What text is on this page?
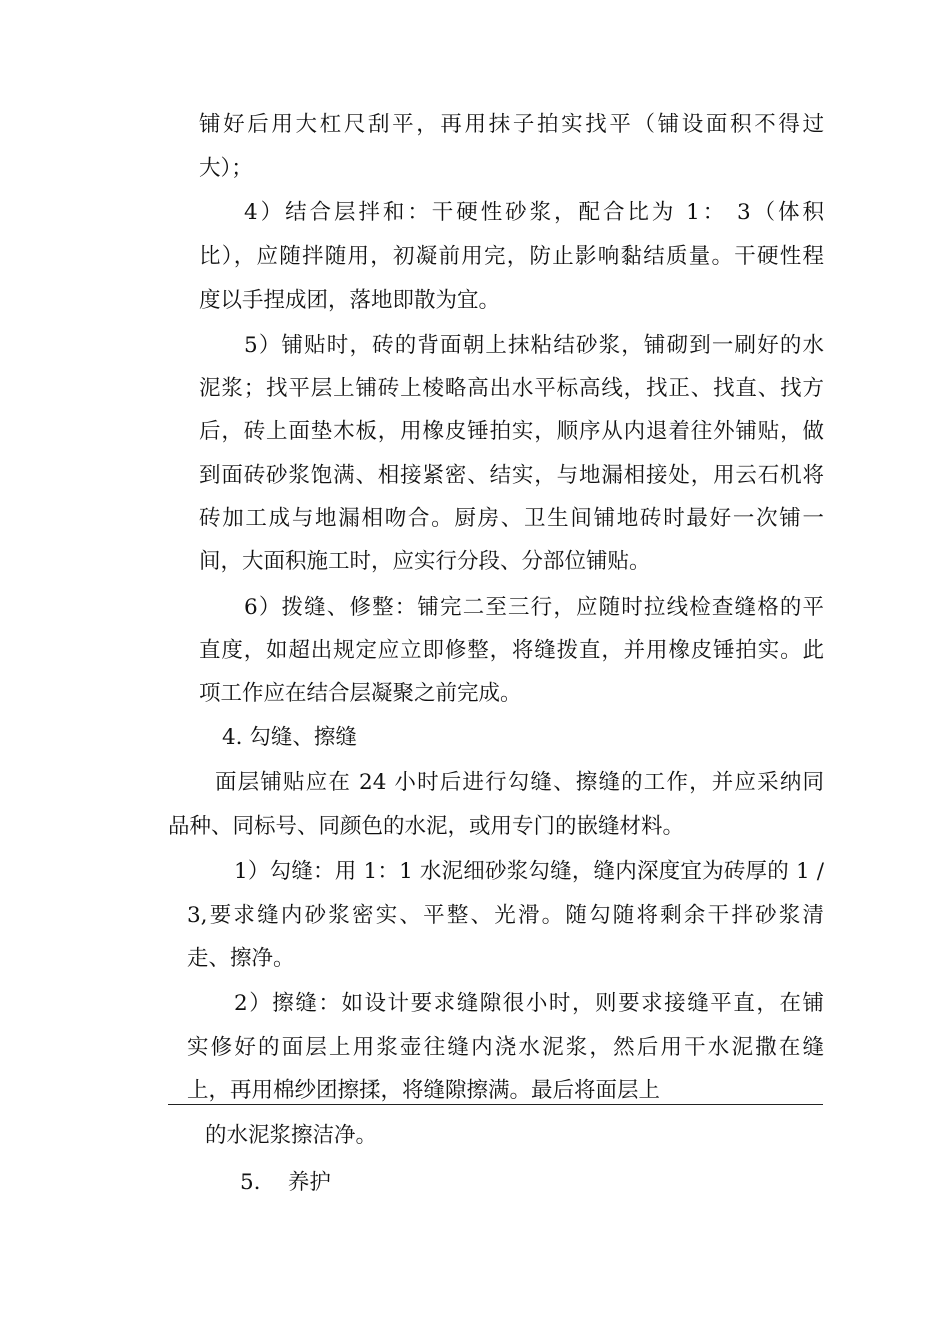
铺好后用大杠尺刮平，再用抹子拍实找平（铺设面积不得过
大）；
4）结合层拌和：干硬性砂浆，配合比为 1： 3（体积
比），应随拌随用，初凝前用完，防止影响黏结质量。干硬性程
度以手捏成团，落地即散为宜。
5）铺贴时，砖的背面朝上抹粘结砂浆，铺砌到一刷好的水
泥浆；找平层上铺砖上棱略高出水平标高线，找正、找直、找方
后，砖上面垫木板，用橡皮锤拍实，顺序从内退着往外铺贴，做
到面砖砂浆饱满、相接紧密、结实，与地漏相接处，用云石机将
砖加工成与地漏相吻合。厨房、卫生间铺地砖时最好一次铺一
间，大面积施工时，应实行分段、分部位铺贴。
6）拨缝、修整：铺完二至三行，应随时拉线检查缝格的平
直度，如超出规定应立即修整，将缝拨直，并用橡皮锤拍实。此
项工作应在结合层凝聚之前完成。
4. 勾缝、擦缝
面层铺贴应在 24 小时后进行勾缝、擦缝的工作，并应采纳同
品种、同标号、同颜色的水泥，或用专门的嵌缝材料。
1）勾缝：用 1：1 水泥细砂浆勾缝，缝内深度宜为砖厚的 1 /
3,要求缝内砂浆密实、平整、光滑。随勾随将剩余干拌砂浆清
走、擦净。
2）擦缝：如设计要求缝隙很小时，则要求接缝平直，在铺
实修好的面层上用浆壶往缝内浇水泥浆，然后用干水泥撒在缝
上，再用棉纱团擦揉，将缝隙擦满。最后将面层上
的水泥浆擦洁净。
5.    养护
